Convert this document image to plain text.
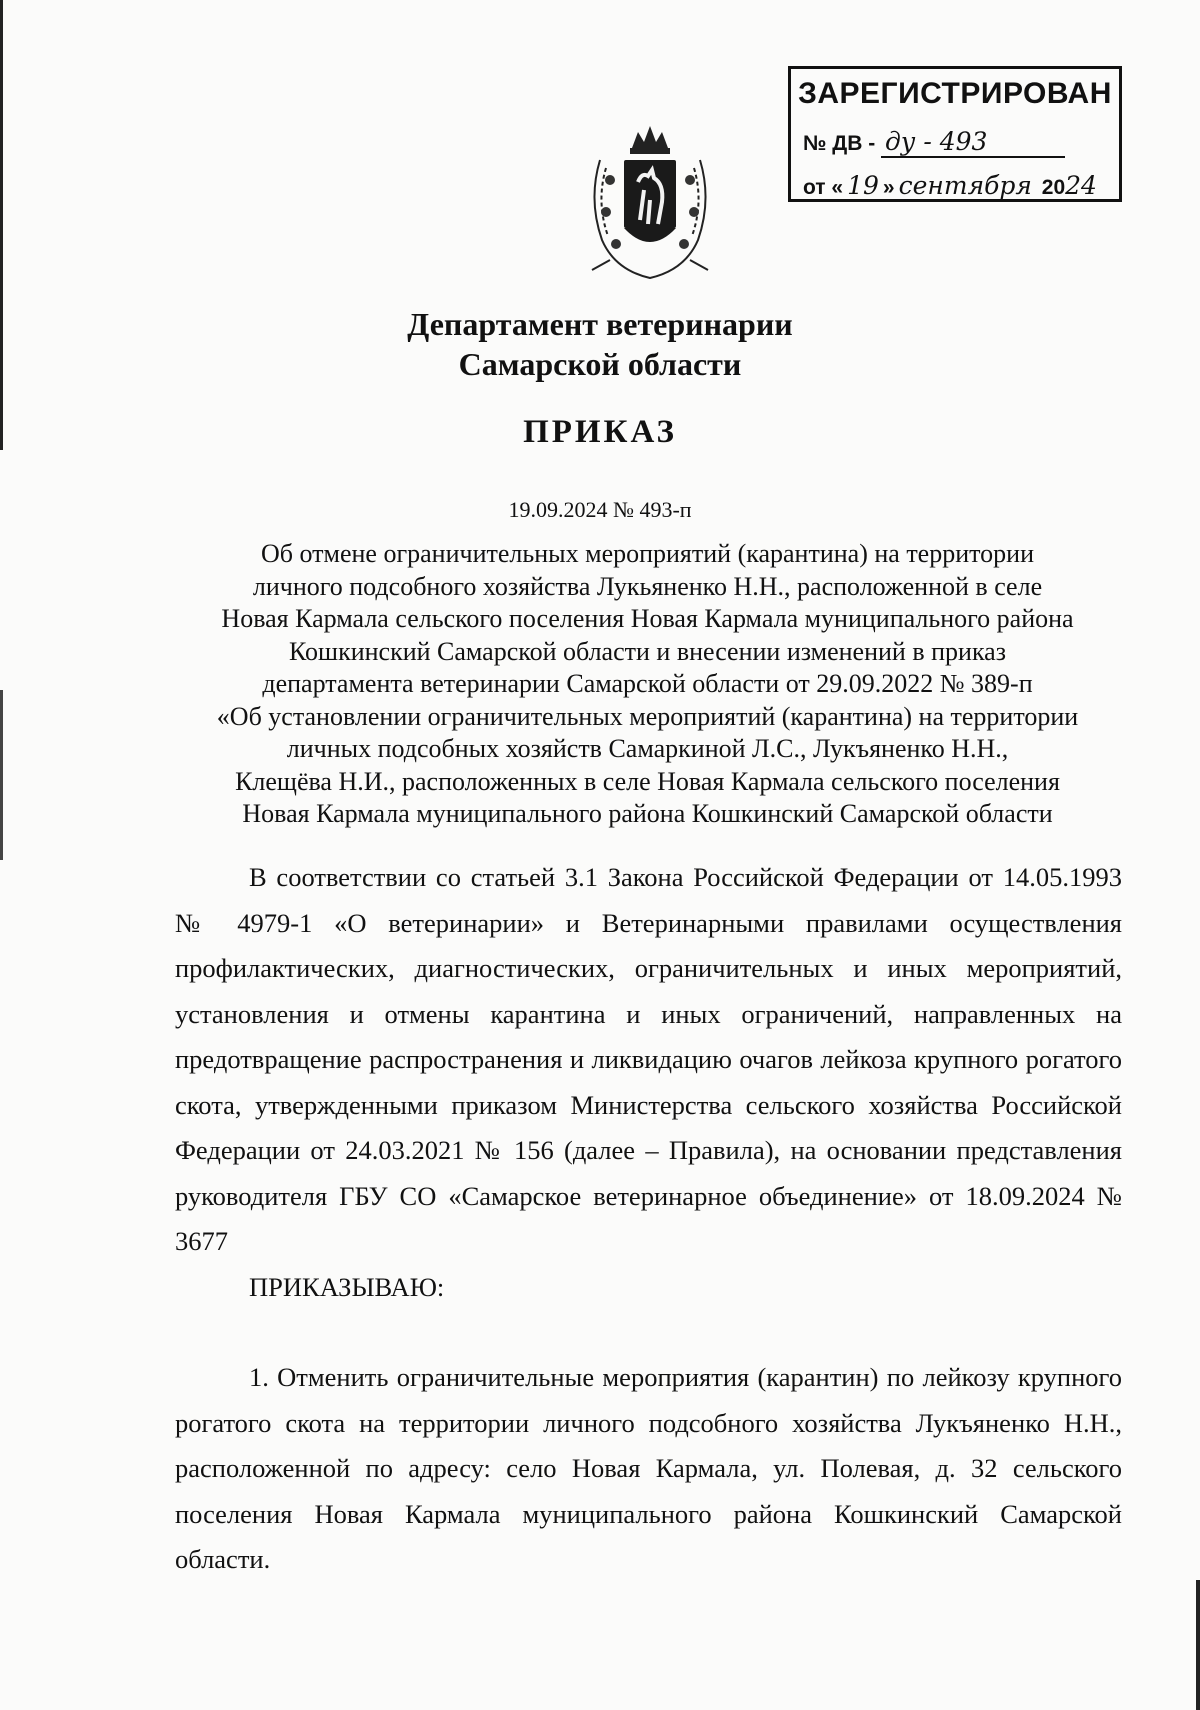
ЗАРЕГИСТРИРОВАН
№ ДВ - ду - 493
от « 19 » сентября 2024
Департамент ветеринарии
Самарской области
ПРИКАЗ
19.09.2024 № 493-п
Об отмене ограничительных мероприятий (карантина) на территории
личного подсобного хозяйства Лукьяненко Н.Н., расположенной в селе
Новая Кармала сельского поселения Новая Кармала муниципального района
Кошкинский Самарской области и внесении изменений в приказ
департамента ветеринарии Самарской области от 29.09.2022 № 389-п
«Об установлении ограничительных мероприятий (карантина) на территории
личных подсобных хозяйств Самаркиной Л.С., Лукъяненко Н.Н.,
Клещёва Н.И., расположенных в селе Новая Кармала сельского поселения
Новая Кармала муниципального района Кошкинский Самарской области
В соответствии со статьей 3.1 Закона Российской Федерации от 14.05.1993 № 4979-1 «О ветеринарии» и Ветеринарными правилами осуществления профилактических, диагностических, ограничительных и иных мероприятий, установления и отмены карантина и иных ограничений, направленных на предотвращение распространения и ликвидацию очагов лейкоза крупного рогатого скота, утвержденными приказом Министерства сельского хозяйства Российской Федерации от 24.03.2021 № 156 (далее – Правила), на основании представления руководителя ГБУ СО «Самарское ветеринарное объединение» от 18.09.2024 № 3677
ПРИКАЗЫВАЮ:
1. Отменить ограничительные мероприятия (карантин) по лейкозу крупного рогатого скота на территории личного подсобного хозяйства Лукъяненко Н.Н., расположенной по адресу: село Новая Кармала, ул. Полевая, д. 32 сельского поселения Новая Кармала муниципального района Кошкинский Самарской области.
